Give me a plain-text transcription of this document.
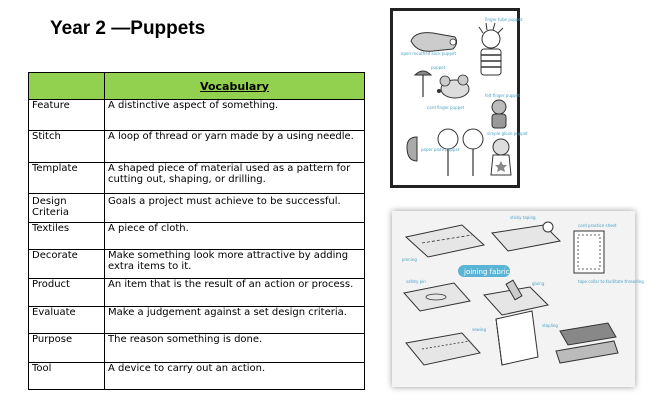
Year 2 —Puppets
	Vocabulary
Feature	A distinctive aspect of something.
Stitch	A loop of thread or yarn made by a using needle.
Template	A shaped piece of material used as a pattern for cutting out, shaping, or drilling.
Design Criteria	Goals a project must achieve to be successful.
Textiles	A piece of cloth.
Decorate	Make something look more attractive by adding extra items to it.
Product	An item that is the result of an action or process.
Evaluate	Make a judgement against a set design criteria.
Purpose	The reason something is done.
Tool	A device to carry out an action.
finger tube puppet
open mouthed sock puppet
puppet
felt finger puppet
card finger puppet
paper plate puppet
simple glove puppet
joining fabrics
sticky taping
card practice sheet
pinning
safety pin	gluing	tape collar to facilitate threading
sewing
stapling
